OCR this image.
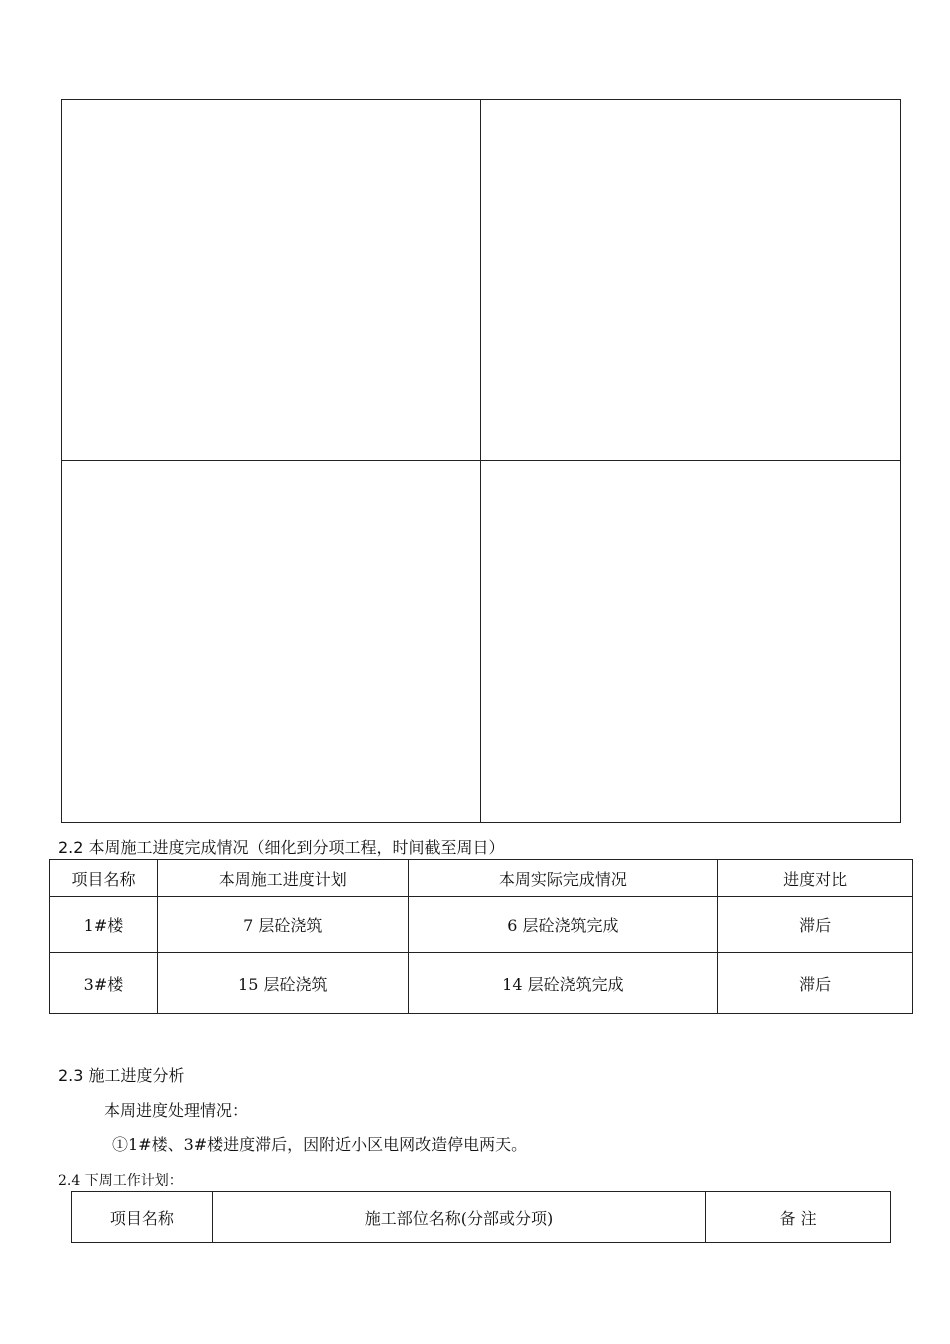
2.2 本周施工进度完成情况（细化到分项工程，时间截至周日）
项目名称	本周施工进度计划	本周实际完成情况	进度对比
1#楼	7 层砼浇筑	6 层砼浇筑完成	滞后
3#楼	15 层砼浇筑	14 层砼浇筑完成	滞后
2.3 施工进度分析
本周进度处理情况：
①1#楼、3#楼进度滞后，因附近小区电网改造停电两天。
2.4 下周工作计划：
项目名称	施工部位名称(分部或分项)	备 注
